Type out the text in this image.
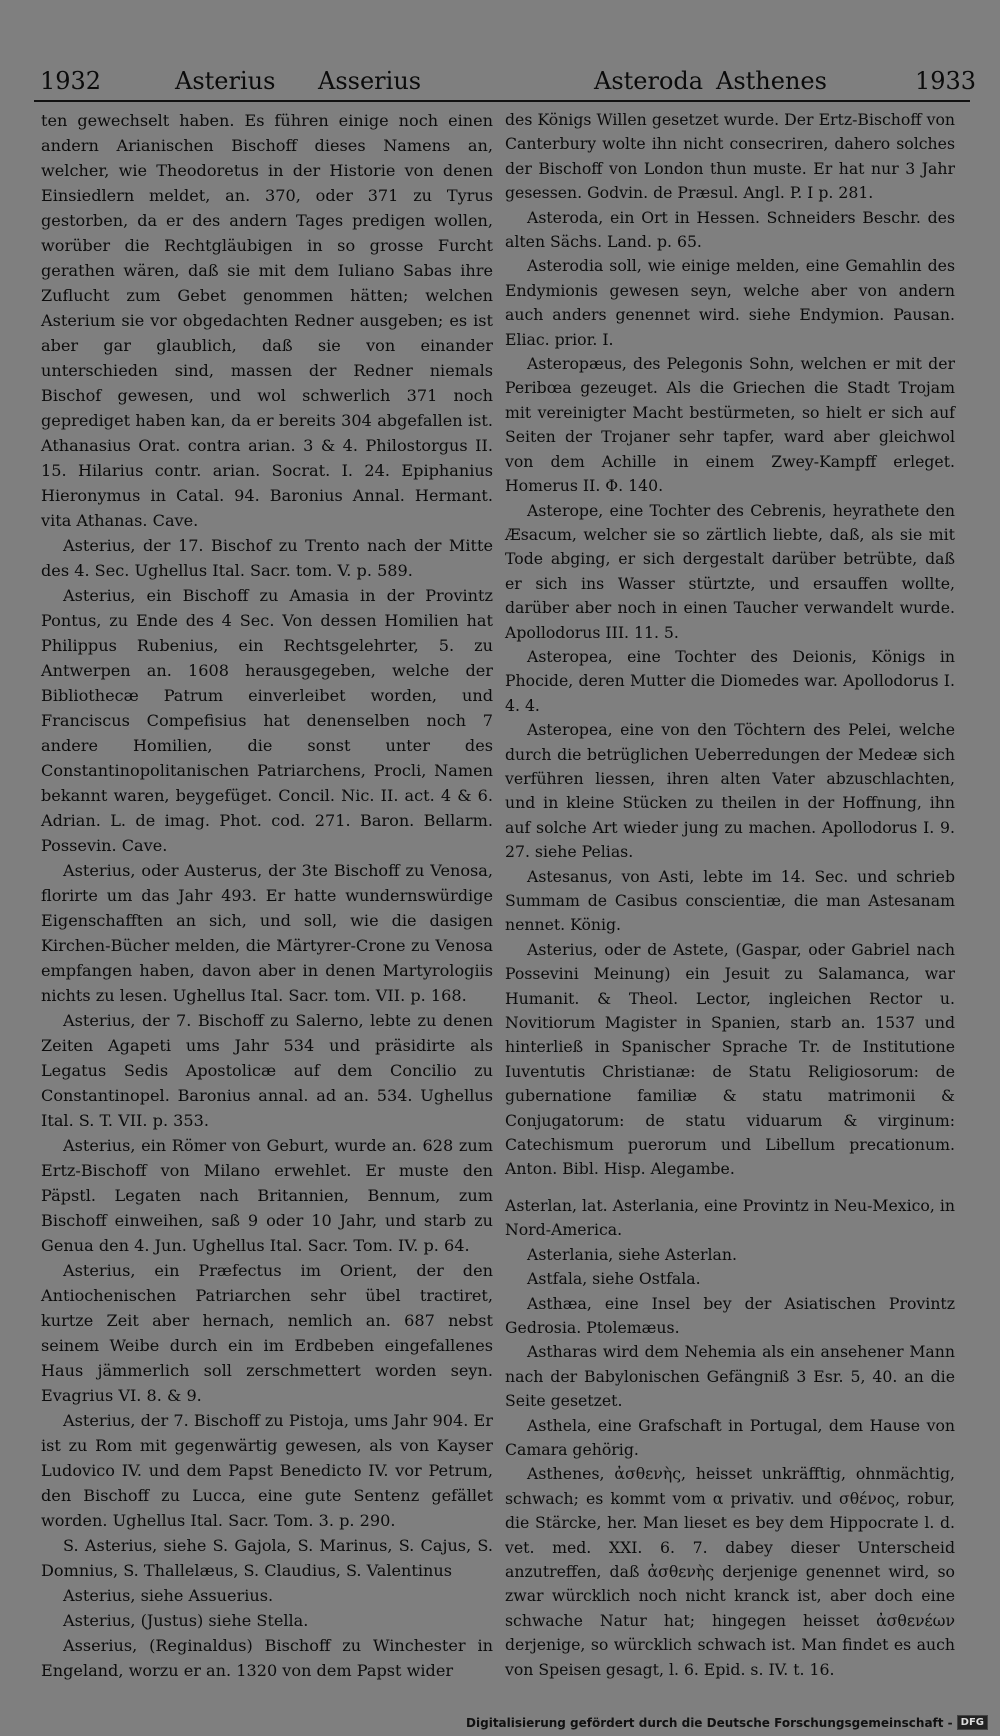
1932	Asterius Asserius	Asteroda Asthenes	1933

ten gewechselt haben. Es führen einige noch einen andern Arianischen Bischoff dieses Namens an, welcher, wie Theodoretus in der Historie von denen Einsiedlern meldet, an. 370, oder 371 zu Tyrus gestorben, da er des andern Tages predigen wollen, worüber die Rechtgläubigen in so grosse Furcht gerathen wären, daß sie mit dem Iuliano Sabas ihre Zuflucht zum Gebet genommen hätten; welchen Asterium sie vor obgedachten Redner ausgeben; es ist aber gar glaublich, daß sie von einander unterschieden sind, massen der Redner niemals Bischof gewesen, und wol schwerlich 371 noch geprediget haben kan, da er bereits 304 abgefallen ist. Athanasius Orat. contra arian. 3 & 4. Philostorgus II. 15. Hilarius contr. arian. Socrat. I. 24. Epiphanius Hieronymus in Catal. 94. Baronius Annal. Hermant. vita Athanas. Cave.

Asterius, der 17. Bischof zu Trento nach der Mitte des 4. Sec. Ughellus Ital. Sacr. tom. V. p. 589.

Asterius, ein Bischoff zu Amasia in der Provintz Pontus, zu Ende des 4 Sec. Von dessen Homilien hat Philippus Rubenius, ein Rechtsgelehrter, 5. zu Antwerpen an. 1608 herausgegeben, welche der Bibliothecæ Patrum einverleibet worden, und Franciscus Compefisius hat denenselben noch 7 andere Homilien, die sonst unter des Constantinopolitanischen Patriarchens, Procli, Namen bekannt waren, beygefüget. Concil. Nic. II. act. 4 & 6. Adrian. L. de imag. Phot. cod. 271. Baron. Bellarm. Possevin. Cave.

Asterius, oder Austerus, der 3te Bischoff zu Venosa, florirte um das Jahr 493. Er hatte wundernswürdige Eigenschafften an sich, und soll, wie die dasigen Kirchen-Bücher melden, die Märtyrer-Crone zu Venosa empfangen haben, davon aber in denen Martyrologiis nichts zu lesen. Ughellus Ital. Sacr. tom. VII. p. 168.

Asterius, der 7. Bischoff zu Salerno, lebte zu denen Zeiten Agapeti ums Jahr 534 und präsidirte als Legatus Sedis Apostolicæ auf dem Concilio zu Constantinopel. Baronius annal. ad an. 534. Ughellus Ital. S. T. VII. p. 353.

Asterius, ein Römer von Geburt, wurde an. 628 zum Ertz-Bischoff von Milano erwehlet. Er muste den Päpstl. Legaten nach Britannien, Bennum, zum Bischoff einweihen, saß 9 oder 10 Jahr, und starb zu Genua den 4. Jun. Ughellus Ital. Sacr. Tom. IV. p. 64.

Asterius, ein Præfectus im Orient, der den Antiochenischen Patriarchen sehr übel tractiret, kurtze Zeit aber hernach, nemlich an. 687 nebst seinem Weibe durch ein im Erdbeben eingefallenes Haus jämmerlich soll zerschmettert worden seyn. Evagrius VI. 8. & 9.

Asterius, der 7. Bischoff zu Pistoja, ums Jahr 904. Er ist zu Rom mit gegenwärtig gewesen, als von Kayser Ludovico IV. und dem Papst Benedicto IV. vor Petrum, den Bischoff zu Lucca, eine gute Sentenz gefället worden. Ughellus Ital. Sacr. Tom. 3. p. 290.

S. Asterius, siehe S. Gajola, S. Marinus, S. Cajus, S. Domnius, S. Thallelæus, S. Claudius, S. Valentinus

Asterius, siehe Assuerius.

Asterius, (Justus) siehe Stella.

Asserius, (Reginaldus) Bischoff zu Winchester in Engeland, worzu er an. 1320 von dem Papst wider

des Königs Willen gesetzet wurde. Der Ertz-Bischoff von Canterbury wolte ihn nicht consecriren, dahero solches der Bischoff von London thun muste. Er hat nur 3 Jahr gesessen. Godvin. de Præsul. Angl. P. I p. 281.

Asteroda, ein Ort in Hessen. Schneiders Beschr. des alten Sächs. Land. p. 65.

Asterodia soll, wie einige melden, eine Gemahlin des Endymionis gewesen seyn, welche aber von andern auch anders genennet wird. siehe Endymion. Pausan. Eliac. prior. I.

Asteropæus, des Pelegonis Sohn, welchen er mit der Peribœa gezeuget. Als die Griechen die Stadt Trojam mit vereinigter Macht bestürmeten, so hielt er sich auf Seiten der Trojaner sehr tapfer, ward aber gleichwol von dem Achille in einem Zwey-Kampff erleget. Homerus II. Φ. 140.

Asterope, eine Tochter des Cebrenis, heyrathete den Æsacum, welcher sie so zärtlich liebte, daß, als sie mit Tode abging, er sich dergestalt darüber betrübte, daß er sich ins Wasser stürtzte, und ersauffen wollte, darüber aber noch in einen Taucher verwandelt wurde. Apollodorus III. 11. 5.

Asteropea, eine Tochter des Deionis, Königs in Phocide, deren Mutter die Diomedes war. Apollodorus I. 4. 4.

Asteropea, eine von den Töchtern des Pelei, welche durch die betrüglichen Ueberredungen der Medeæ sich verführen liessen, ihren alten Vater abzuschlachten, und in kleine Stücken zu theilen in der Hoffnung, ihn auf solche Art wieder jung zu machen. Apollodorus I. 9. 27. siehe Pelias.

Astesanus, von Asti, lebte im 14. Sec. und schrieb Summam de Casibus conscientiæ, die man Astesanam nennet. König.

Asterius, oder de Astete, (Gaspar, oder Gabriel nach Possevini Meinung) ein Jesuit zu Salamanca, war Humanit. & Theol. Lector, ingleichen Rector u. Novitiorum Magister in Spanien, starb an. 1537 und hinterließ in Spanischer Sprache Tr. de Institutione Iuventutis Christianæ: de Statu Religiosorum: de gubernatione familiæ & statu matrimonii & Conjugatorum: de statu viduarum & virginum: Catechismum puerorum und Libellum precationum. Anton. Bibl. Hisp. Alegambe.

Asterlan, lat. Asterlania, eine Provintz in Neu-Mexico, in Nord-America.

Asterlania, siehe Asterlan.

Astfala, siehe Ostfala.

Asthæa, eine Insel bey der Asiatischen Provintz Gedrosia. Ptolemæus.

Astharas wird dem Nehemia als ein ansehener Mann nach der Babylonischen Gefängniß 3 Esr. 5, 40. an die Seite gesetzet.

Asthela, eine Grafschaft in Portugal, dem Hause von Camara gehörig.

Asthenes, ἀσθενὴς, heisset unkräfftig, ohnmächtig, schwach; es kommt vom α privativ. und σθένος, robur, die Stärcke, her. Man lieset es bey dem Hippocrate l. d. vet. med. XXI. 6. 7. dabey dieser Unterscheid anzutreffen, daß ἀσθενὴς derjenige genennet wird, so zwar würcklich noch nicht kranck ist, aber doch eine schwache Natur hat; hingegen heisset ἀσθενέων derjenige, so würcklich schwach ist. Man findet es auch von Speisen gesagt, l. 6. Epid. s. IV. t. 16.

Digitalisierung gefördert durch die Deutsche Forschungsgemeinschaft - DFG
